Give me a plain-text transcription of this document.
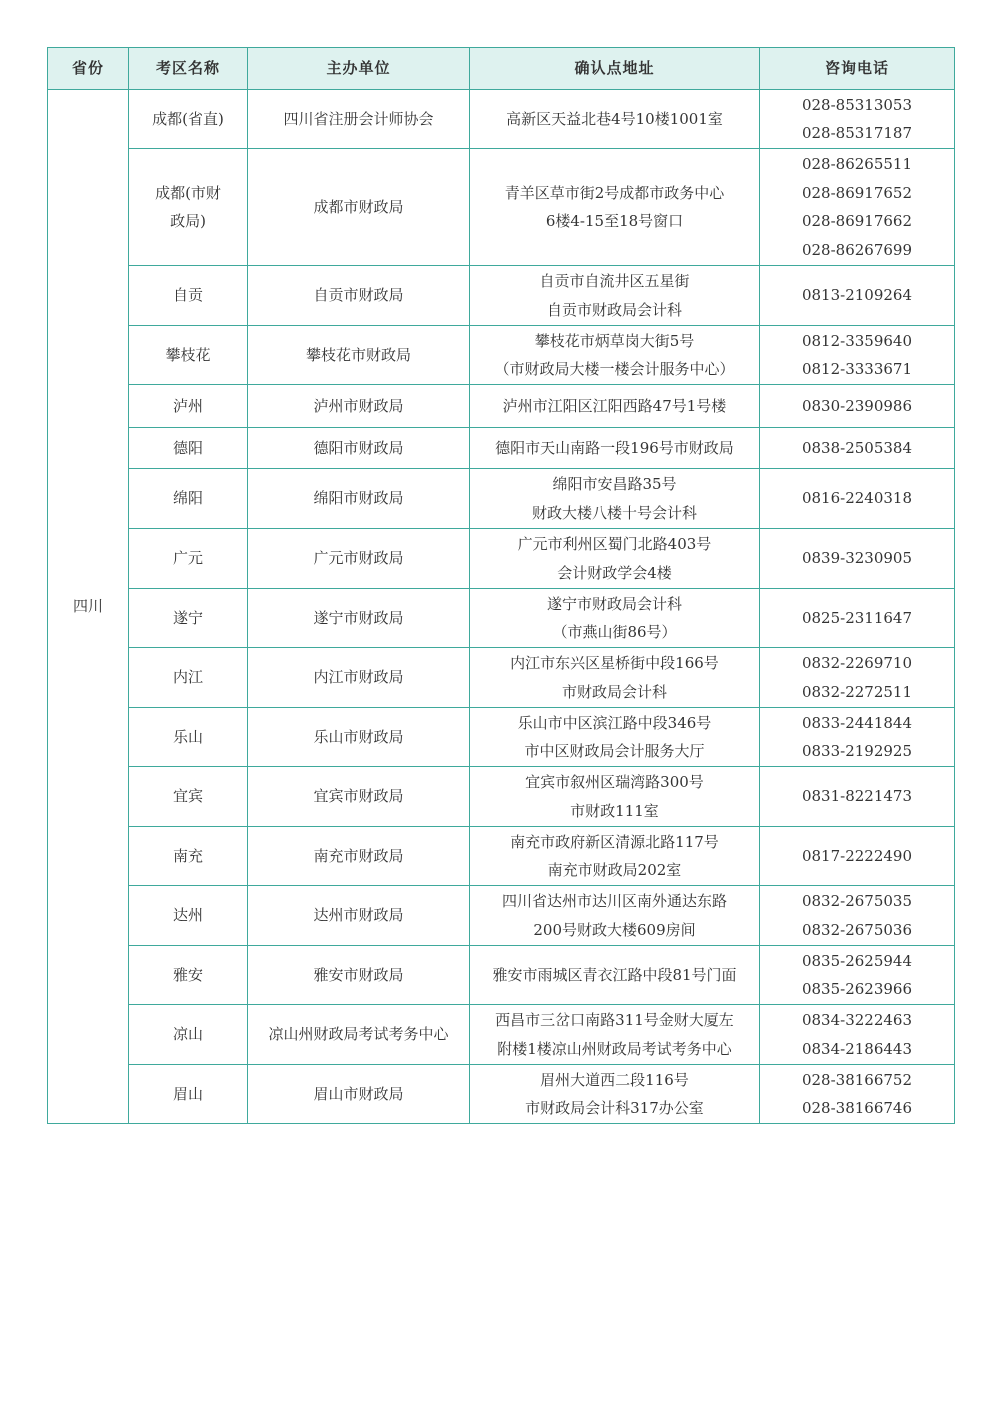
省份	考区名称	主办单位	确认点地址	咨询电话
四川	成都(省直)	四川省注册会计师协会	高新区天益北巷4号10楼1001室	028-85313053
028-85317187

	成都(市财
政局)	成都市财政局	青羊区草市街2号成都市政务中心
6楼4-15至18号窗口	028-86265511
028-86917652
028-86917662
028-86267699

	自贡	自贡市财政局	自贡市自流井区五星街
自贡市财政局会计科	0813-2109264

	攀枝花	攀枝花市财政局	攀枝花市炳草岗大街5号
（市财政局大楼一楼会计服务中心）	0812-3359640
0812-3333671

	泸州	泸州市财政局	泸州市江阳区江阳西路47号1号楼	0830-2390986

	德阳	德阳市财政局	德阳市天山南路一段196号市财政局	0838-2505384

	绵阳	绵阳市财政局	绵阳市安昌路35号
财政大楼八楼十号会计科	0816-2240318

	广元	广元市财政局	广元市利州区蜀门北路403号
会计财政学会4楼	0839-3230905

	遂宁	遂宁市财政局	遂宁市财政局会计科
（市燕山街86号）	0825-2311647

	内江	内江市财政局	内江市东兴区星桥街中段166号
市财政局会计科	0832-2269710
0832-2272511

	乐山	乐山市财政局	乐山市中区滨江路中段346号
市中区财政局会计服务大厅	0833-2441844
0833-2192925

	宜宾	宜宾市财政局	宜宾市叙州区瑞湾路300号
市财政111室	0831-8221473

	南充	南充市财政局	南充市政府新区清源北路117号
南充市财政局202室	0817-2222490

	达州	达州市财政局	四川省达州市达川区南外通达东路
200号财政大楼609房间	0832-2675035
0832-2675036

	雅安	雅安市财政局	雅安市雨城区青衣江路中段81号门面	0835-2625944
0835-2623966

	凉山	凉山州财政局考试考务中心	西昌市三岔口南路311号金财大厦左
附楼1楼凉山州财政局考试考务中心	0834-3222463
0834-2186443

	眉山	眉山市财政局	眉州大道西二段116号
市财政局会计科317办公室	028-38166752
028-38166746
